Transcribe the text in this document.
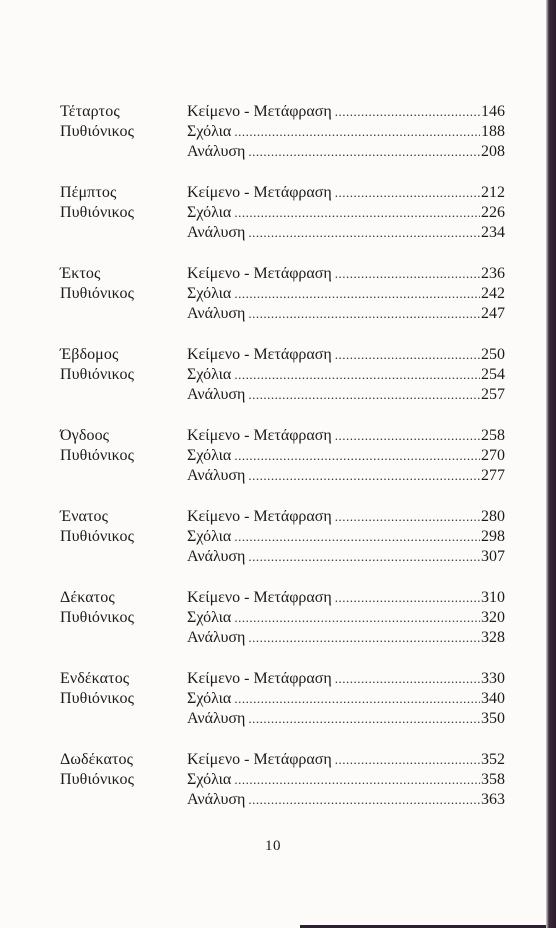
Τέταρτος
Πυθιόνικος
Κείμενο - Μετάφραση .....	146
Σχόλια .....	188
Ανάλυση .....	208
Πέμπτος
Πυθιόνικος
Κείμενο - Μετάφραση .....	212
Σχόλια .....	226
Ανάλυση .....	234
Έκτος
Πυθιόνικος
Κείμενο - Μετάφραση .....	236
Σχόλια .....	242
Ανάλυση .....	247
Έβδομος
Πυθιόνικος
Κείμενο - Μετάφραση .....	250
Σχόλια .....	254
Ανάλυση .....	257
Όγδοος
Πυθιόνικος
Κείμενο - Μετάφραση .....	258
Σχόλια .....	270
Ανάλυση .....	277
Ένατος
Πυθιόνικος
Κείμενο - Μετάφραση .....	280
Σχόλια .....	298
Ανάλυση .....	307
Δέκατος
Πυθιόνικος
Κείμενο - Μετάφραση .....	310
Σχόλια .....	320
Ανάλυση .....	328
Ενδέκατος
Πυθιόνικος
Κείμενο - Μετάφραση .....	330
Σχόλια .....	340
Ανάλυση .....	350
Δωδέκατος
Πυθιόνικος
Κείμενο - Μετάφραση .....	352
Σχόλια .....	358
Ανάλυση .....	363
10
